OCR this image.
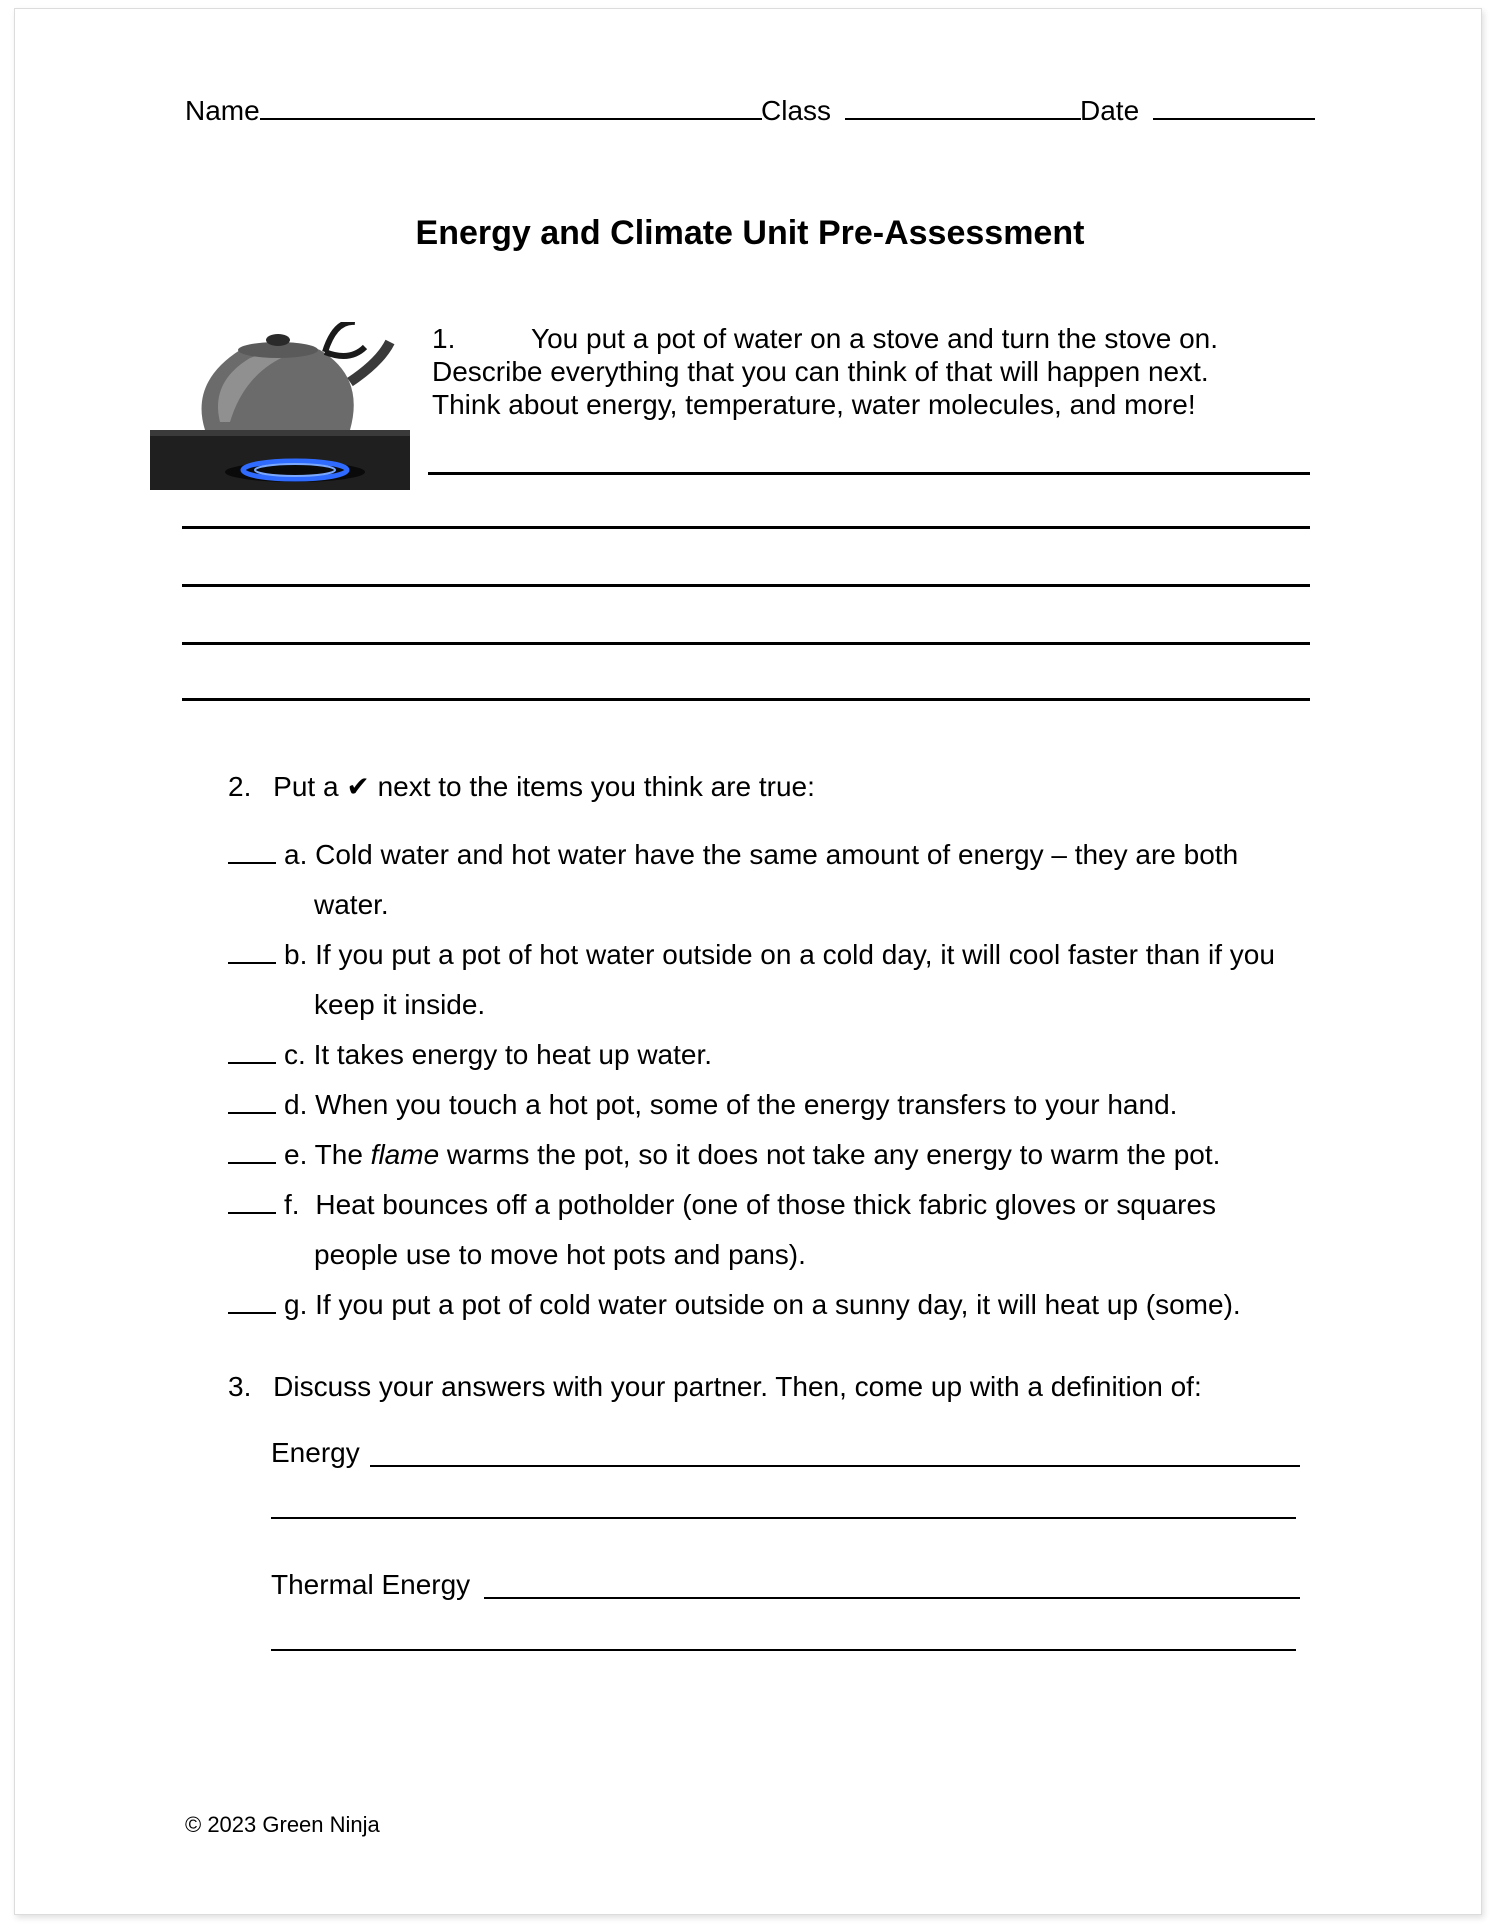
Name	Class	Date
Energy and Climate Unit Pre-Assessment
1.	You put a pot of water on a stove and turn the stove on.
Describe everything that you can think of that will happen next.
Think about energy, temperature, water molecules, and more!
2. Put a ✔ next to the items you think are true:
a. Cold water and hot water have the same amount of energy – they are both
water.
b. If you put a pot of hot water outside on a cold day, it will cool faster than if you
keep it inside.
c. It takes energy to heat up water.
d. When you touch a hot pot, some of the energy transfers to your hand.
e. The flame warms the pot, so it does not take any energy to warm the pot.
f. Heat bounces off a potholder (one of those thick fabric gloves or squares
people use to move hot pots and pans).
g. If you put a pot of cold water outside on a sunny day, it will heat up (some).
3. Discuss your answers with your partner. Then, come up with a definition of:
Energy
Thermal Energy
© 2023 Green Ninja
